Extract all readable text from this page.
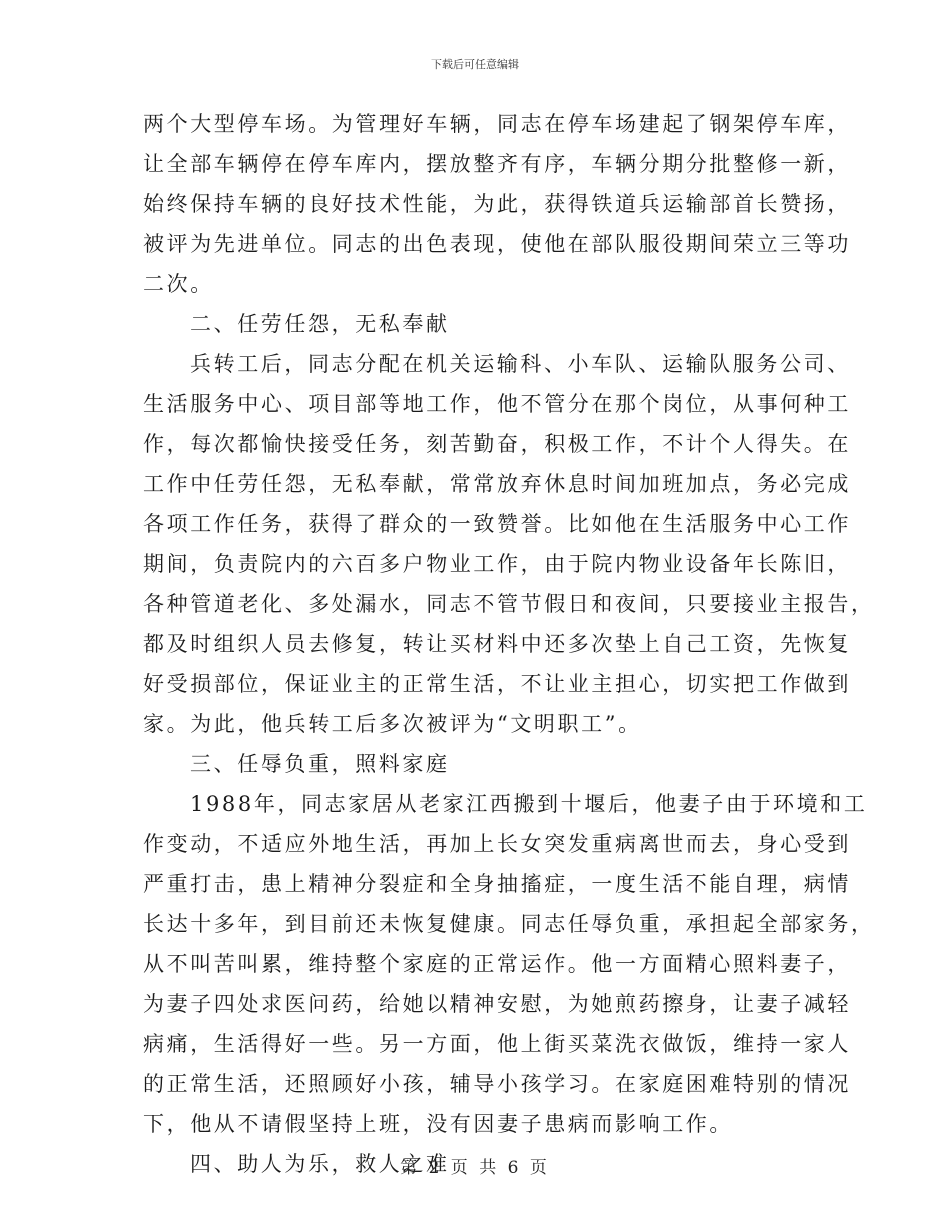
下载后可任意编辑
两个大型停车场。为管理好车辆，同志在停车场建起了钢架停车库，
让全部车辆停在停车库内，摆放整齐有序，车辆分期分批整修一新，
始终保持车辆的良好技术性能，为此，获得铁道兵运输部首长赞扬，
被评为先进单位。同志的出色表现，使他在部队服役期间荣立三等功
二次。
二、任劳任怨，无私奉献
兵转工后，同志分配在机关运输科、小车队、运输队服务公司、
生活服务中心、项目部等地工作，他不管分在那个岗位，从事何种工
作，每次都愉快接受任务，刻苦勤奋，积极工作，不计个人得失。在
工作中任劳任怨，无私奉献，常常放弃休息时间加班加点，务必完成
各项工作任务，获得了群众的一致赞誉。比如他在生活服务中心工作
期间，负责院内的六百多户物业工作，由于院内物业设备年长陈旧，
各种管道老化、多处漏水，同志不管节假日和夜间，只要接业主报告，
都及时组织人员去修复，转让买材料中还多次垫上自己工资，先恢复
好受损部位，保证业主的正常生活，不让业主担心，切实把工作做到
家。为此，他兵转工后多次被评为“文明职工”。
三、任辱负重，照料家庭
1988年，同志家居从老家江西搬到十堰后，他妻子由于环境和工
作变动，不适应外地生活，再加上长女突发重病离世而去，身心受到
严重打击，患上精神分裂症和全身抽搐症，一度生活不能自理，病情
长达十多年，到目前还未恢复健康。同志任辱负重，承担起全部家务，
从不叫苦叫累，维持整个家庭的正常运作。他一方面精心照料妻子，
为妻子四处求医问药，给她以精神安慰，为她煎药擦身，让妻子减轻
病痛，生活得好一些。另一方面，他上街买菜洗衣做饭，维持一家人
的正常生活，还照顾好小孩，辅导小孩学习。在家庭困难特别的情况
下，他从不请假坚持上班，没有因妻子患病而影响工作。
四、助人为乐，救人之难
第 2 页 共 6 页
